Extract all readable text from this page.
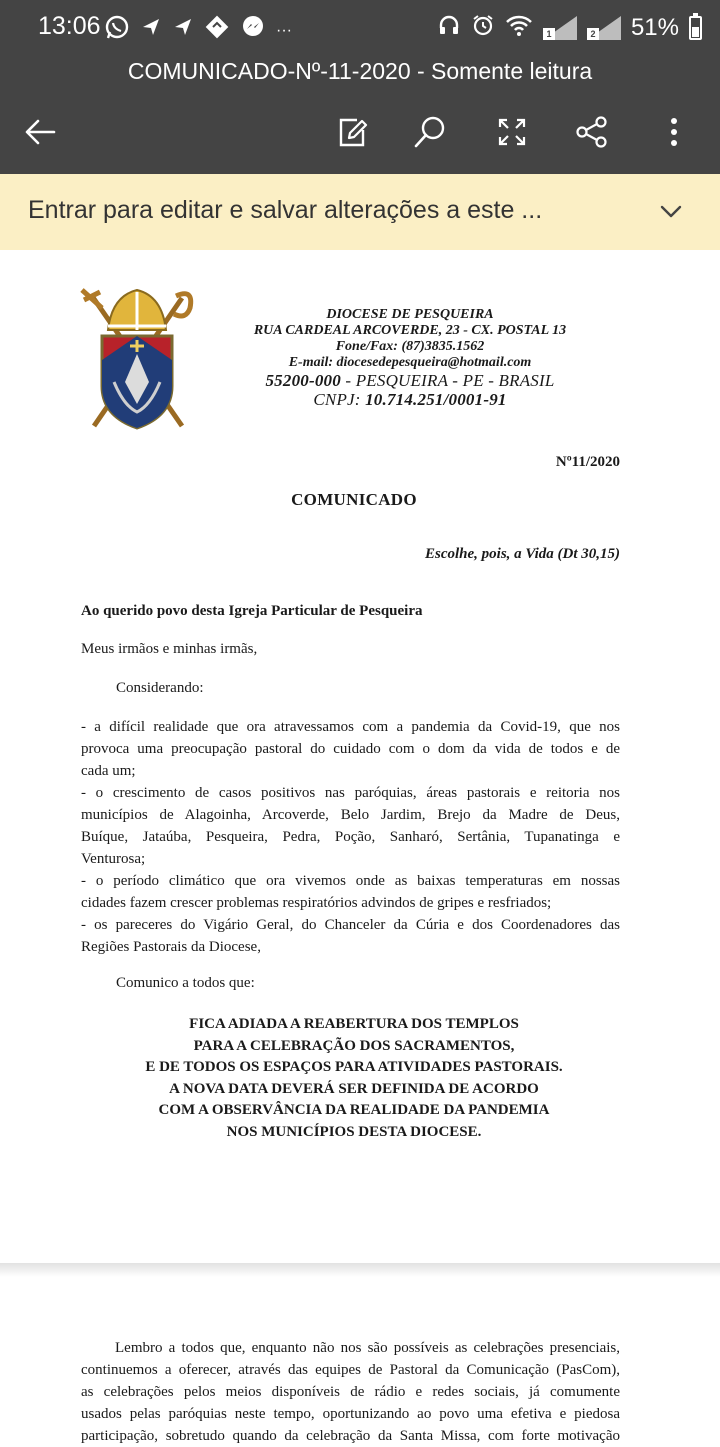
13:06	···	1	2 51%
COMUNICADO-Nº-11-2020 - Somente leitura
Entrar para editar e salvar alterações a este ...
DIOCESE DE PESQUEIRA
RUA CARDEAL ARCOVERDE, 23 - CX. POSTAL 13
Fone/Fax: (87)3835.1562
E-mail: diocesedepesqueira@hotmail.com
55200-000 - PESQUEIRA - PE - BRASIL
CNPJ: 10.714.251/0001-91
Nº11/2020
COMUNICADO
Escolhe, pois, a Vida (Dt 30,15)
Ao querido povo desta Igreja Particular de Pesqueira
Meus irmãos e minhas irmãs,
Considerando:

- a difícil realidade que ora atravessamos com a pandemia da Covid-19, que nos

provoca uma preocupação pastoral do cuidado com o dom da vida de todos e de

cada um;

- o crescimento de casos positivos nas paróquias, áreas pastorais e reitoria nos

municípios de Alagoinha, Arcoverde, Belo Jardim, Brejo da Madre de Deus,

Buíque, Jataúba, Pesqueira, Pedra, Poção, Sanharó, Sertânia, Tupanatinga e

Venturosa;

- o período climático que ora vivemos onde as baixas temperaturas em nossas

cidades fazem crescer problemas respiratórios advindos de gripes e resfriados;

- os pareceres do Vigário Geral, do Chanceler da Cúria e dos Coordenadores das

Regiões Pastorais da Diocese,

Comunico a todos que:
FICA ADIADA A REABERTURA DOS TEMPLOS
PARA A CELEBRAÇÃO DOS SACRAMENTOS,
E DE TODOS OS ESPAÇOS PARA ATIVIDADES PASTORAIS.
A NOVA DATA DEVERÁ SER DEFINIDA DE ACORDO
COM A OBSERVÂNCIA DA REALIDADE DA PANDEMIA
NOS MUNICÍPIOS DESTA DIOCESE.

Lembro a todos que, enquanto não nos são possíveis as celebrações presenciais,

continuemos a oferecer, através das equipes de Pastoral da Comunicação (PasCom),

as celebrações pelos meios disponíveis de rádio e redes sociais, já comumente

usados pelas paróquias neste tempo, oportunizando ao povo uma efetiva e piedosa

participação, sobretudo quando da celebração da Santa Missa, com forte motivação
